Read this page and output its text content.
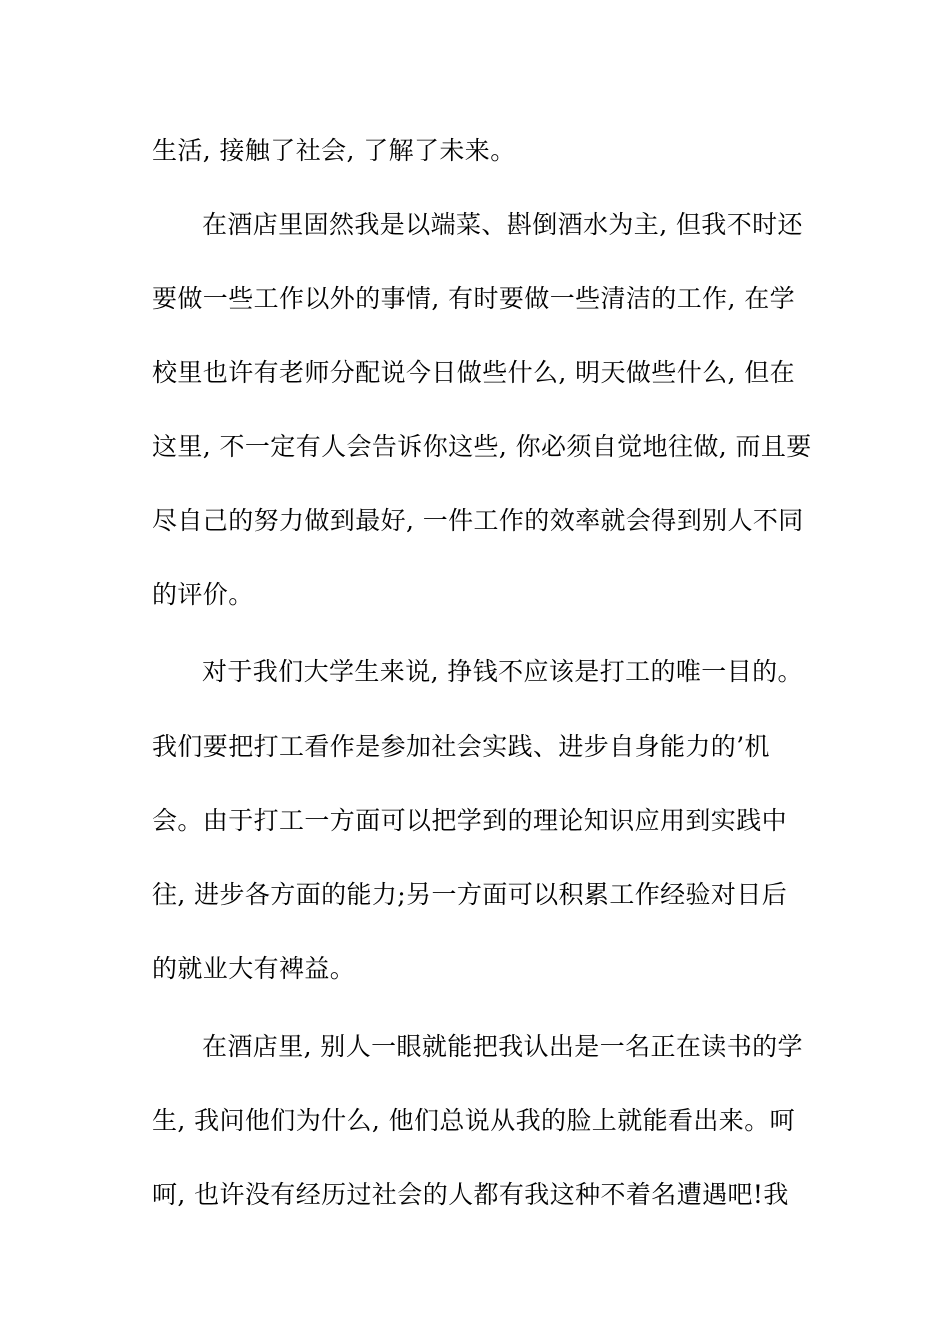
生活, 接触了社会, 了解了未来。
在酒店里固然我是以端菜、斟倒酒水为主, 但我不时还
要做一些工作以外的事情, 有时要做一些清洁的工作, 在学
校里也许有老师分配说今日做些什么, 明天做些什么, 但在
这里, 不一定有人会告诉你这些, 你必须自觉地往做, 而且要
尽自己的努力做到最好, 一件工作的效率就会得到别人不同
的评价。
对于我们大学生来说, 挣钱不应该是打工的唯一目的。
我们要把打工看作是参加社会实践、进步自身能力的’机
会。由于打工一方面可以把学到的理论知识应用到实践中
往, 进步各方面的能力;另一方面可以积累工作经验对日后
的就业大有裨益。
在酒店里, 别人一眼就能把我认出是一名正在读书的学
生, 我问他们为什么, 他们总说从我的脸上就能看出来。呵
呵, 也许没有经历过社会的人都有我这种不着名遭遇吧!我
